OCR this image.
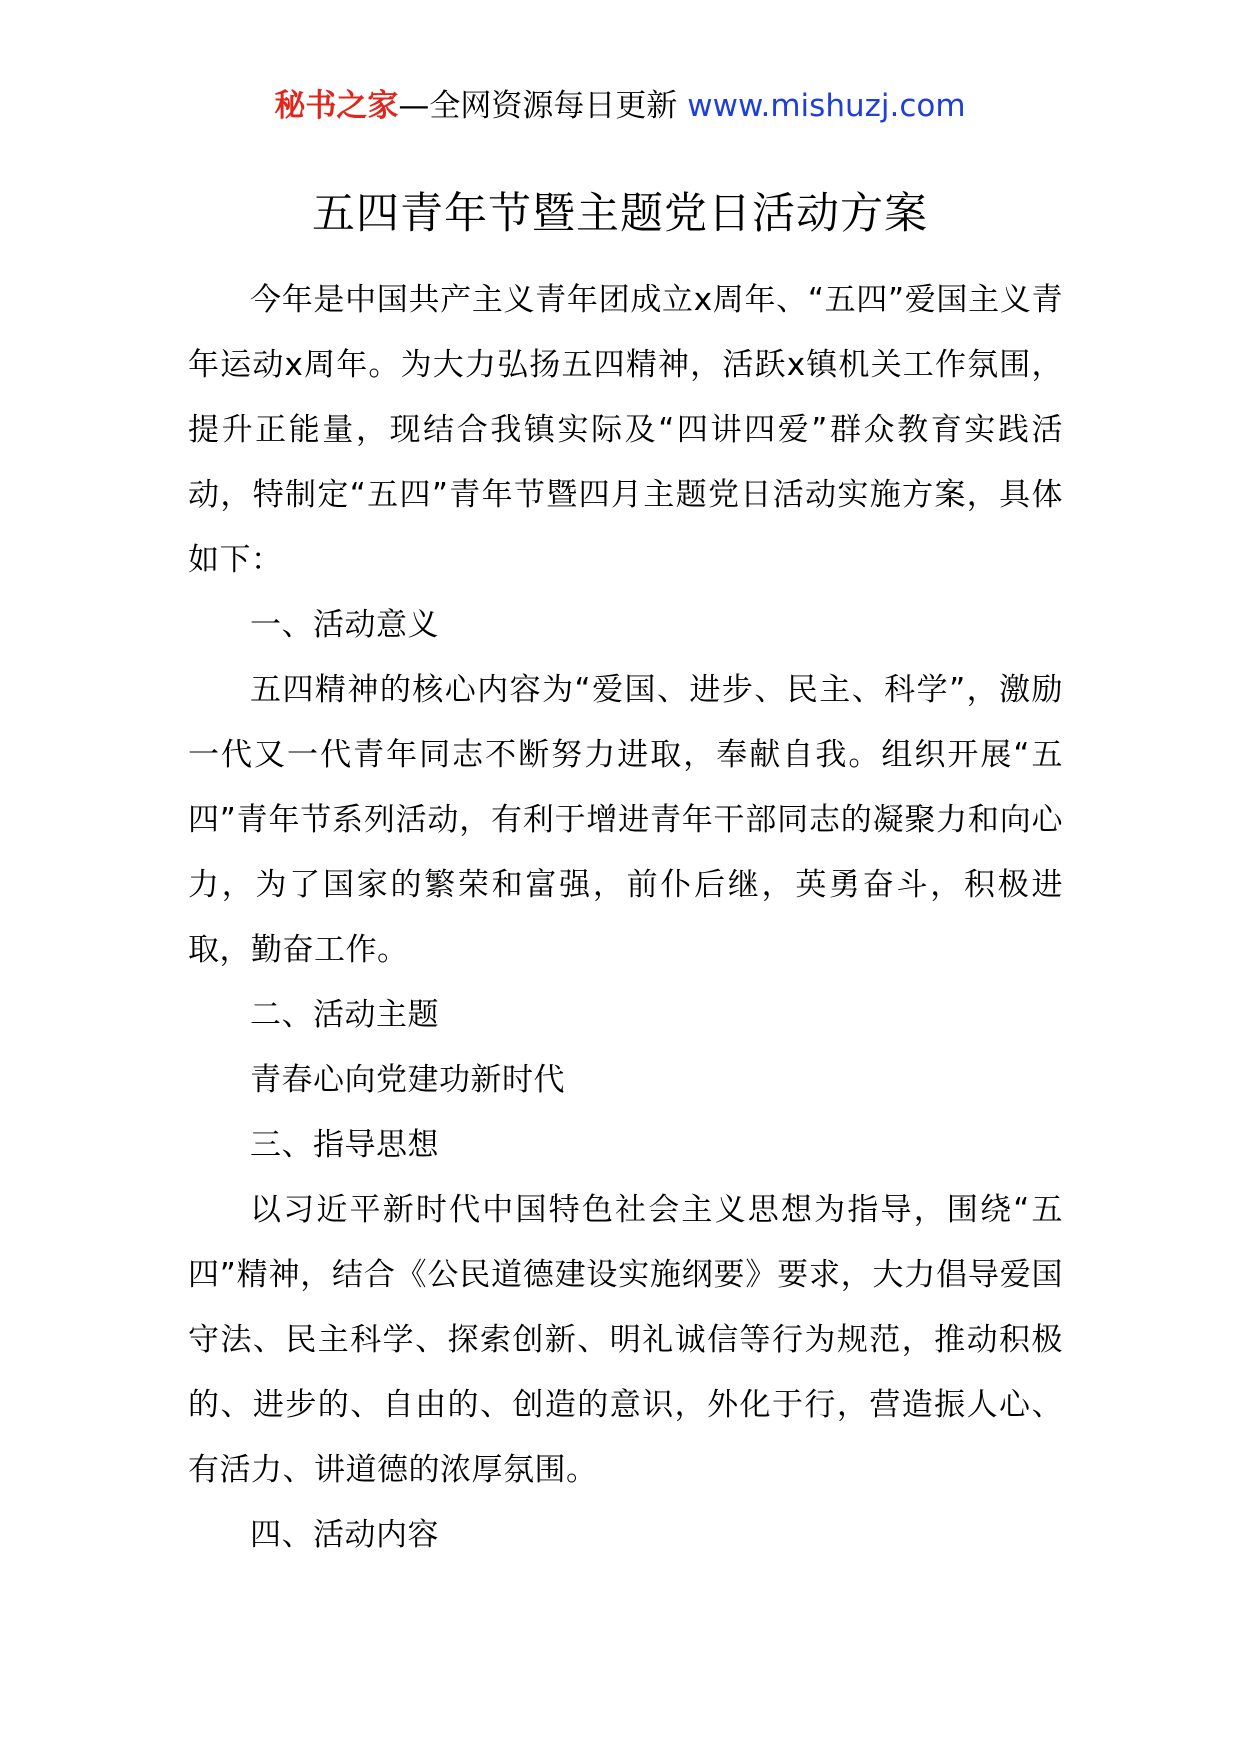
秘书之家—全网资源每日更新 www.mishuzj.com
五四青年节暨主题党日活动方案

今年是中国共产主义青年团成立x周年、“五四”爱国主义青年运动x周年。为大力弘扬五四精神，活跃x镇机关工作氛围，提升正能量，现结合我镇实际及“四讲四爱”群众教育实践活动，特制定“五四”青年节暨四月主题党日活动实施方案，具体如下：

一、活动意义

五四精神的核心内容为“爱国、进步、民主、科学”，激励一代又一代青年同志不断努力进取，奉献自我。组织开展“五四”青年节系列活动，有利于增进青年干部同志的凝聚力和向心力，为了国家的繁荣和富强，前仆后继，英勇奋斗，积极进取，勤奋工作。

二、活动主题

青春心向党建功新时代

三、指导思想

以习近平新时代中国特色社会主义思想为指导，围绕“五四”精神，结合《公民道德建设实施纲要》要求，大力倡导爱国守法、民主科学、探索创新、明礼诚信等行为规范，推动积极的、进步的、自由的、创造的意识，外化于行，营造振人心、有活力、讲道德的浓厚氛围。

四、活动内容
